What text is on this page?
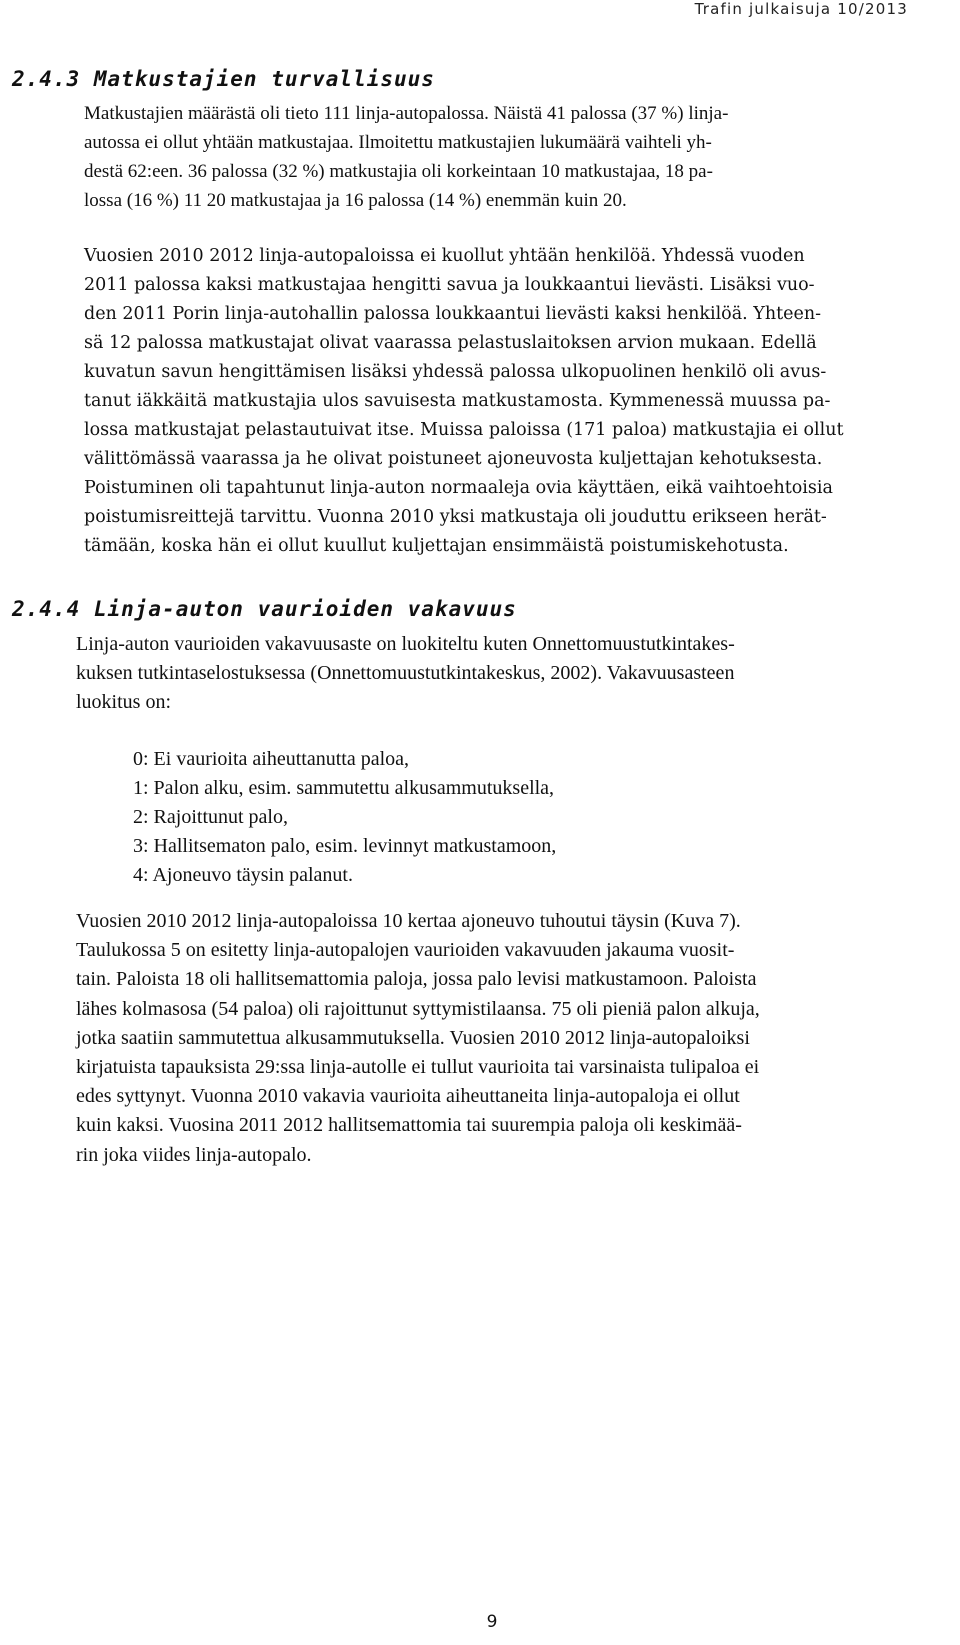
Trafin julkaisuja 10/2013
2.4.3 Matkustajien turvallisuus

Matkustajien määrästä oli tieto 111 linja-autopalossa. Näistä 41 palossa (37 %) linja-
autossa ei ollut yhtään matkustajaa. Ilmoitettu matkustajien lukumäärä vaihteli yh-
destä 62:een. 36 palossa (32 %) matkustajia oli korkeintaan 10 matkustajaa, 18 pa-
lossa (16 %) 11 20 matkustajaa ja 16 palossa (14 %) enemmän kuin 20.

Vuosien 2010 2012 linja-autopaloissa ei kuollut yhtään henkilöä. Yhdessä vuoden
2011 palossa kaksi matkustajaa hengitti savua ja loukkaantui lievästi. Lisäksi vuo-
den 2011 Porin linja-autohallin palossa loukkaantui lievästi kaksi henkilöä. Yhteen-
sä 12 palossa matkustajat olivat vaarassa pelastuslaitoksen arvion mukaan. Edellä
kuvatun savun hengittämisen lisäksi yhdessä palossa ulkopuolinen henkilö oli avus-
tanut iäkkäitä matkustajia ulos savuisesta matkustamosta. Kymmenessä muussa pa-
lossa matkustajat pelastautuivat itse. Muissa paloissa (171 paloa) matkustajia ei ollut
välittömässä vaarassa ja he olivat poistuneet ajoneuvosta kuljettajan kehotuksesta.
Poistuminen oli tapahtunut linja-auton normaaleja ovia käyttäen, eikä vaihtoehtoisia
poistumisreittejä tarvittu. Vuonna 2010 yksi matkustaja oli jouduttu erikseen herät-
tämään, koska hän ei ollut kuullut kuljettajan ensimmäistä poistumiskehotusta.

2.4.4 Linja-auton vaurioiden vakavuus

Linja-auton vaurioiden vakavuusaste on luokiteltu kuten Onnettomuustutkintakes-
kuksen tutkintaselostuksessa (Onnettomuustutkintakeskus, 2002). Vakavuusasteen
luokitus on:

0: Ei vaurioita aiheuttanutta paloa,
1: Palon alku, esim. sammutettu alkusammutuksella,
2: Rajoittunut palo,
3: Hallitsematon palo, esim. levinnyt matkustamoon,
4: Ajoneuvo täysin palanut.

Vuosien 2010 2012 linja-autopaloissa 10 kertaa ajoneuvo tuhoutui täysin (Kuva 7).
Taulukossa 5 on esitetty linja-autopalojen vaurioiden vakavuuden jakauma vuosit-
tain. Paloista 18 oli hallitsemattomia paloja, jossa palo levisi matkustamoon. Paloista
lähes kolmasosa (54 paloa) oli rajoittunut syttymistilaansa. 75 oli pieniä palon alkuja,
jotka saatiin sammutettua alkusammutuksella. Vuosien 2010 2012 linja-autopaloiksi
kirjatuista tapauksista 29:ssa linja-autolle ei tullut vaurioita tai varsinaista tulipaloa ei
edes syttynyt. Vuonna 2010 vakavia vaurioita aiheuttaneita linja-autopaloja ei ollut
kuin kaksi. Vuosina 2011 2012 hallitsemattomia tai suurempia paloja oli keskimää-
rin joka viides linja-autopalo.

9
